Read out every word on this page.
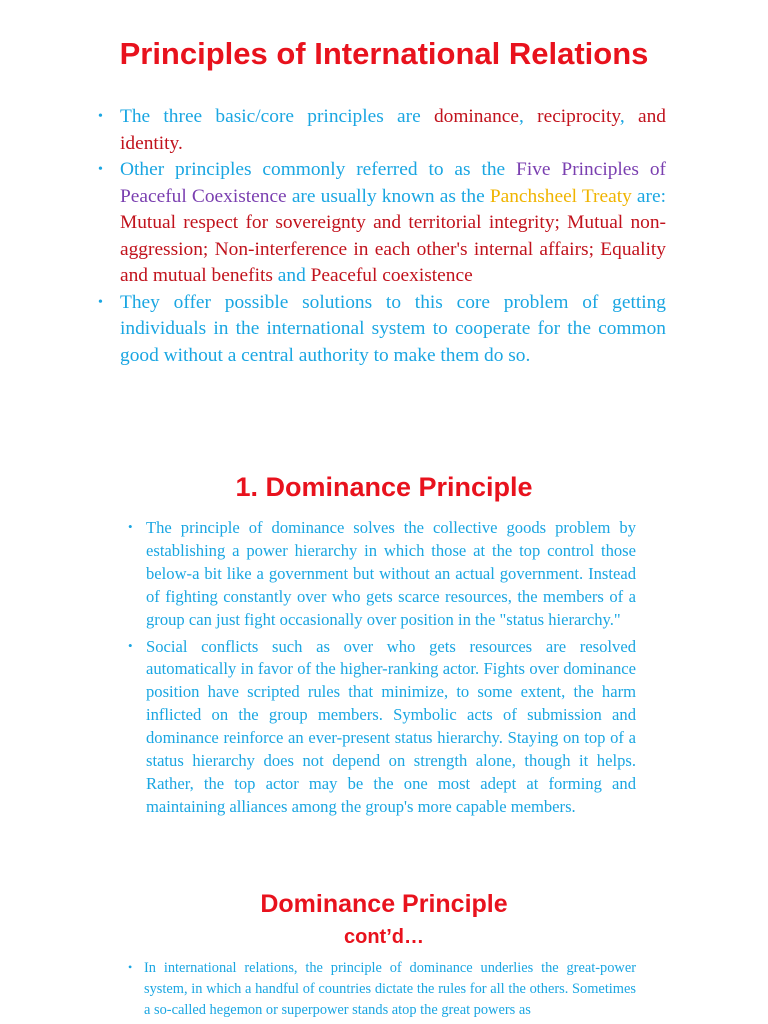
Principles of International Relations
• The three basic/core principles are dominance, reciprocity, and identity.
• Other principles commonly referred to as the Five Principles of Peaceful Coexistence are usually known as the Panchsheel Treaty are: Mutual respect for sovereignty and territorial integrity; Mutual non-aggression; Non-interference in each other's internal affairs; Equality and mutual benefits and Peaceful coexistence
• They offer possible solutions to this core problem of getting individuals in the international system to cooperate for the common good without a central authority to make them do so.
1. Dominance Principle
• The principle of dominance solves the collective goods problem by establishing a power hierarchy in which those at the top control those below-a bit like a government but without an actual government. Instead of fighting constantly over who gets scarce resources, the members of a group can just fight occasionally over position in the "status hierarchy."
• Social conflicts such as over who gets resources are resolved automatically in favor of the higher-ranking actor. Fights over dominance position have scripted rules that minimize, to some extent, the harm inflicted on the group members. Symbolic acts of submission and dominance reinforce an ever-present status hierarchy. Staying on top of a status hierarchy does not depend on strength alone, though it helps. Rather, the top actor may be the one most adept at forming and maintaining alliances among the group's more capable members.
Dominance Principle
cont’d…
• In international relations, the principle of dominance underlies the great-power system, in which a handful of countries dictate the rules for all the others. Sometimes a so-called hegemon or superpower stands atop the great powers as
